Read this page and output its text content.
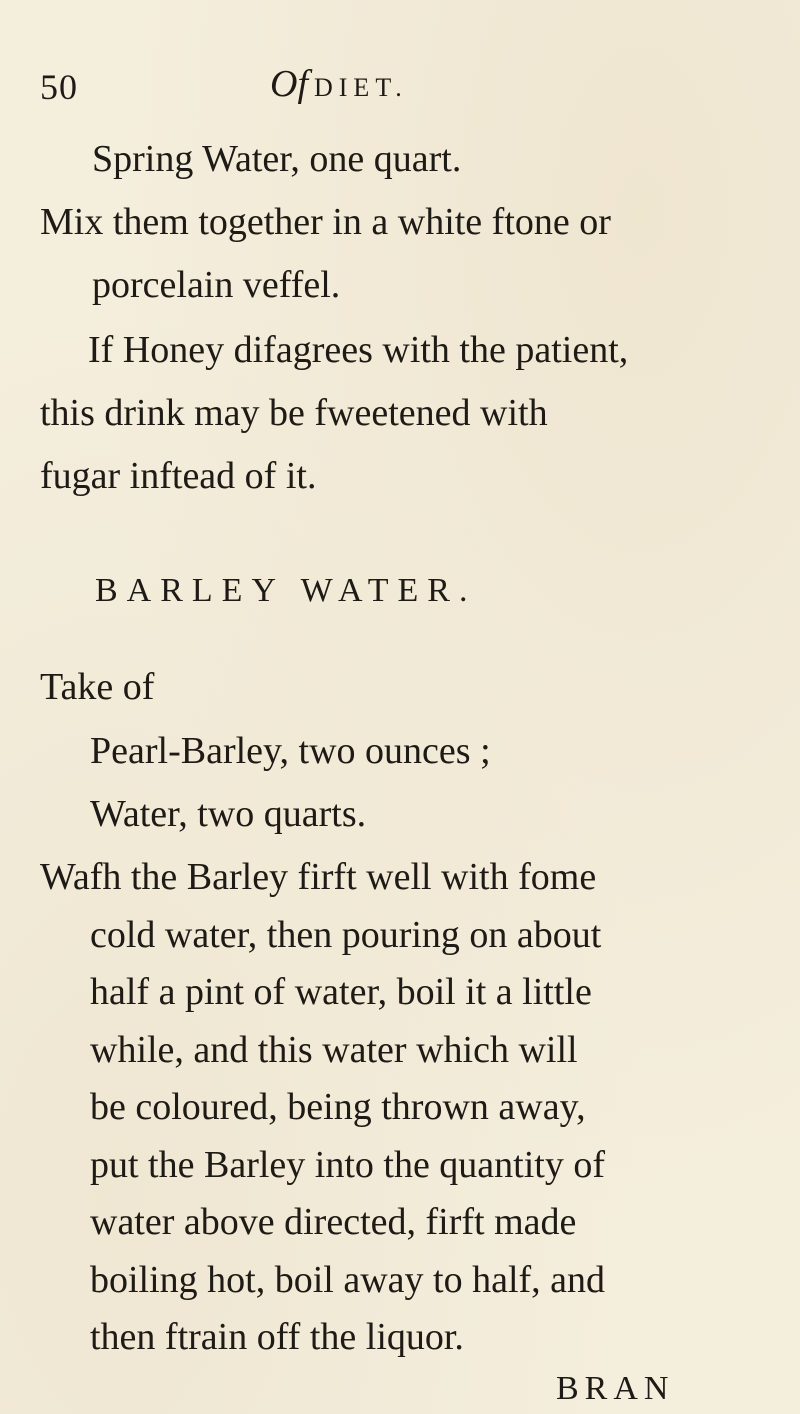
50	Of DIET.
Spring Water, one quart.
Mix them together in a white ftone or
porcelain veffel.
If Honey difagrees with the patient,
this drink may be fweetened with
fugar inftead of it.
BARLEY WATER.
Take of
Pearl-Barley, two ounces ;
Water, two quarts.
Wafh the Barley firft well with fome
cold water, then pouring on about
half a pint of water, boil it a little
while, and this water which will
be coloured, being thrown away,
put the Barley into the quantity of
water above directed, firft made
boiling hot, boil away to half, and
then ftrain off the liquor.
BRAN
